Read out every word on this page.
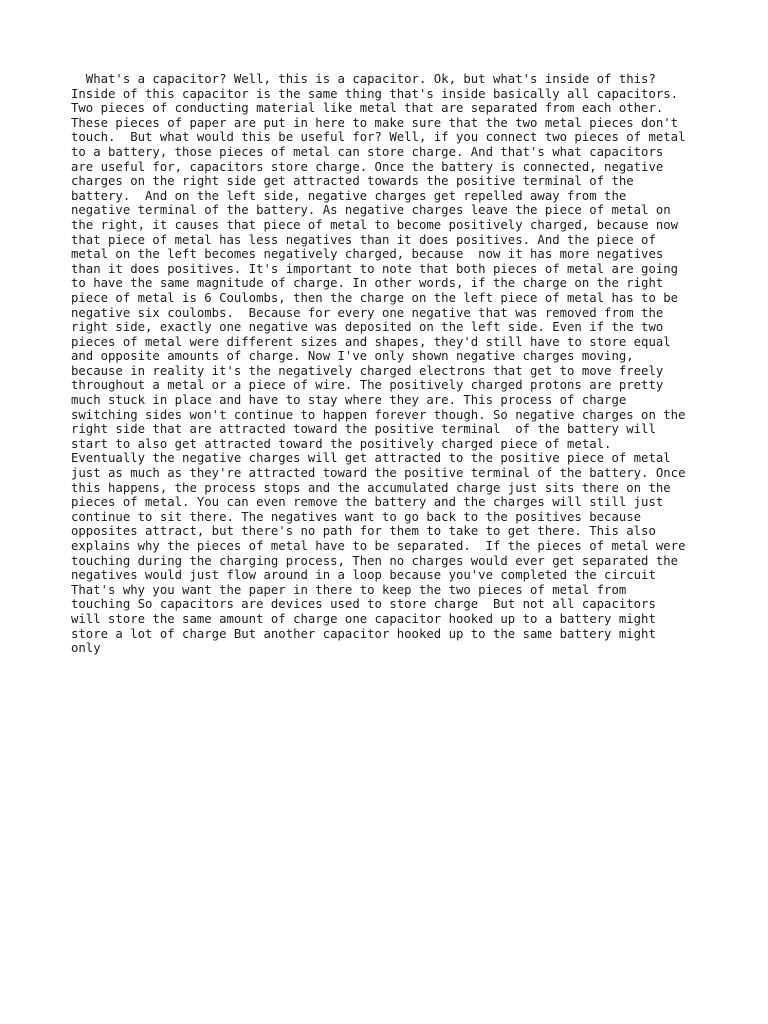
What's a capacitor? Well, this is a capacitor. Ok, but what's inside of this?
Inside of this capacitor is the same thing that's inside basically all capacitors.
Two pieces of conducting material like metal that are separated from each other.
These pieces of paper are put in here to make sure that the two metal pieces don't
touch.  But what would this be useful for? Well, if you connect two pieces of metal
to a battery, those pieces of metal can store charge. And that's what capacitors
are useful for, capacitors store charge. Once the battery is connected, negative
charges on the right side get attracted towards the positive terminal of the
battery.  And on the left side, negative charges get repelled away from the
negative terminal of the battery. As negative charges leave the piece of metal on
the right, it causes that piece of metal to become positively charged, because now
that piece of metal has less negatives than it does positives. And the piece of
metal on the left becomes negatively charged, because  now it has more negatives
than it does positives. It's important to note that both pieces of metal are going
to have the same magnitude of charge. In other words, if the charge on the right
piece of metal is 6 Coulombs, then the charge on the left piece of metal has to be
negative six coulombs.  Because for every one negative that was removed from the
right side, exactly one negative was deposited on the left side. Even if the two
pieces of metal were different sizes and shapes, they'd still have to store equal
and opposite amounts of charge. Now I've only shown negative charges moving,
because in reality it's the negatively charged electrons that get to move freely
throughout a metal or a piece of wire. The positively charged protons are pretty
much stuck in place and have to stay where they are. This process of charge
switching sides won't continue to happen forever though. So negative charges on the
right side that are attracted toward the positive terminal  of the battery will
start to also get attracted toward the positively charged piece of metal.
Eventually the negative charges will get attracted to the positive piece of metal
just as much as they're attracted toward the positive terminal of the battery. Once
this happens, the process stops and the accumulated charge just sits there on the
pieces of metal. You can even remove the battery and the charges will still just
continue to sit there. The negatives want to go back to the positives because
opposites attract, but there's no path for them to take to get there. This also
explains why the pieces of metal have to be separated.  If the pieces of metal were
touching during the charging process, Then no charges would ever get separated the
negatives would just flow around in a loop because you've completed the circuit
That's why you want the paper in there to keep the two pieces of metal from
touching So capacitors are devices used to store charge  But not all capacitors
will store the same amount of charge one capacitor hooked up to a battery might
store a lot of charge But another capacitor hooked up to the same battery might
only
